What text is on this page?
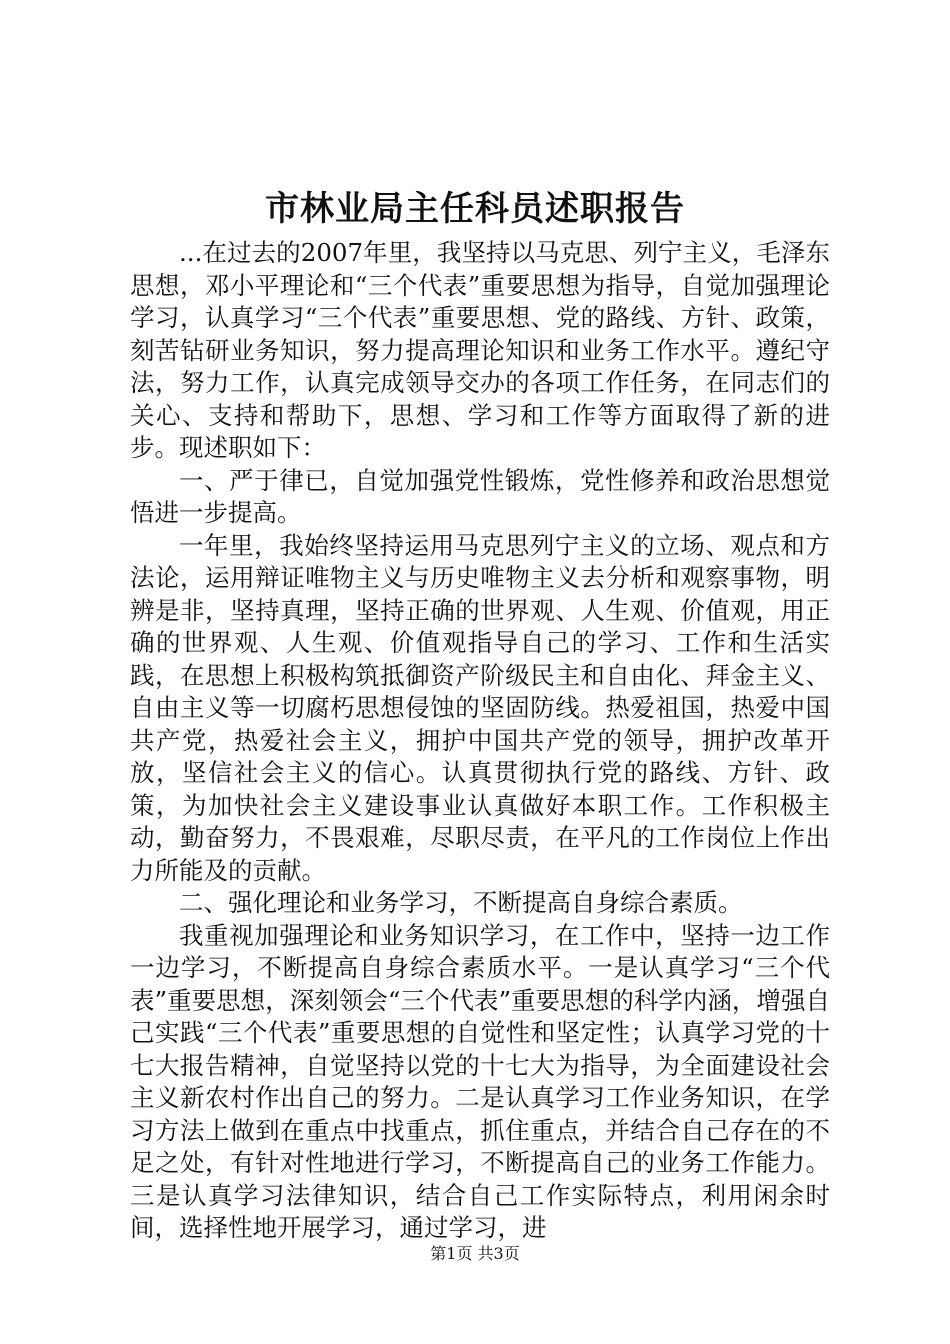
市林业局主任科员述职报告

...在过去的2007年里，我坚持以马克思、列宁主义，毛泽东思想，邓小平理论和“三个代表”重要思想为指导，自觉加强理论学习，认真学习“三个代表”重要思想、党的路线、方针、政策，刻苦钻研业务知识，努力提高理论知识和业务工作水平。遵纪守法，努力工作，认真完成领导交办的各项工作任务，在同志们的关心、支持和帮助下，思想、学习和工作等方面取得了新的进步。现述职如下：

一、严于律已，自觉加强党性锻炼，党性修养和政治思想觉悟进一步提高。

一年里，我始终坚持运用马克思列宁主义的立场、观点和方法论，运用辩证唯物主义与历史唯物主义去分析和观察事物，明辨是非，坚持真理，坚持正确的世界观、人生观、价值观，用正确的世界观、人生观、价值观指导自己的学习、工作和生活实践，在思想上积极构筑抵御资产阶级民主和自由化、拜金主义、自由主义等一切腐朽思想侵蚀的坚固防线。热爱祖国，热爱中国共产党，热爱社会主义，拥护中国共产党的领导，拥护改革开放，坚信社会主义的信心。认真贯彻执行党的路线、方针、政策，为加快社会主义建设事业认真做好本职工作。工作积极主动，勤奋努力，不畏艰难，尽职尽责，在平凡的工作岗位上作出力所能及的贡献。

二、强化理论和业务学习，不断提高自身综合素质。

我重视加强理论和业务知识学习，在工作中，坚持一边工作一边学习，不断提高自身综合素质水平。一是认真学习“三个代表”重要思想，深刻领会“三个代表”重要思想的科学内涵，增强自己实践“三个代表”重要思想的自觉性和坚定性；认真学习党的十七大报告精神，自觉坚持以党的十七大为指导，为全面建设社会主义新农村作出自己的努力。二是认真学习工作业务知识，在学习方法上做到在重点中找重点，抓住重点，并结合自己存在的不足之处，有针对性地进行学习，不断提高自己的业务工作能力。三是认真学习法律知识，结合自己工作实际特点，利用闲余时间，选择性地开展学习，通过学习，进

第1页 共3页
